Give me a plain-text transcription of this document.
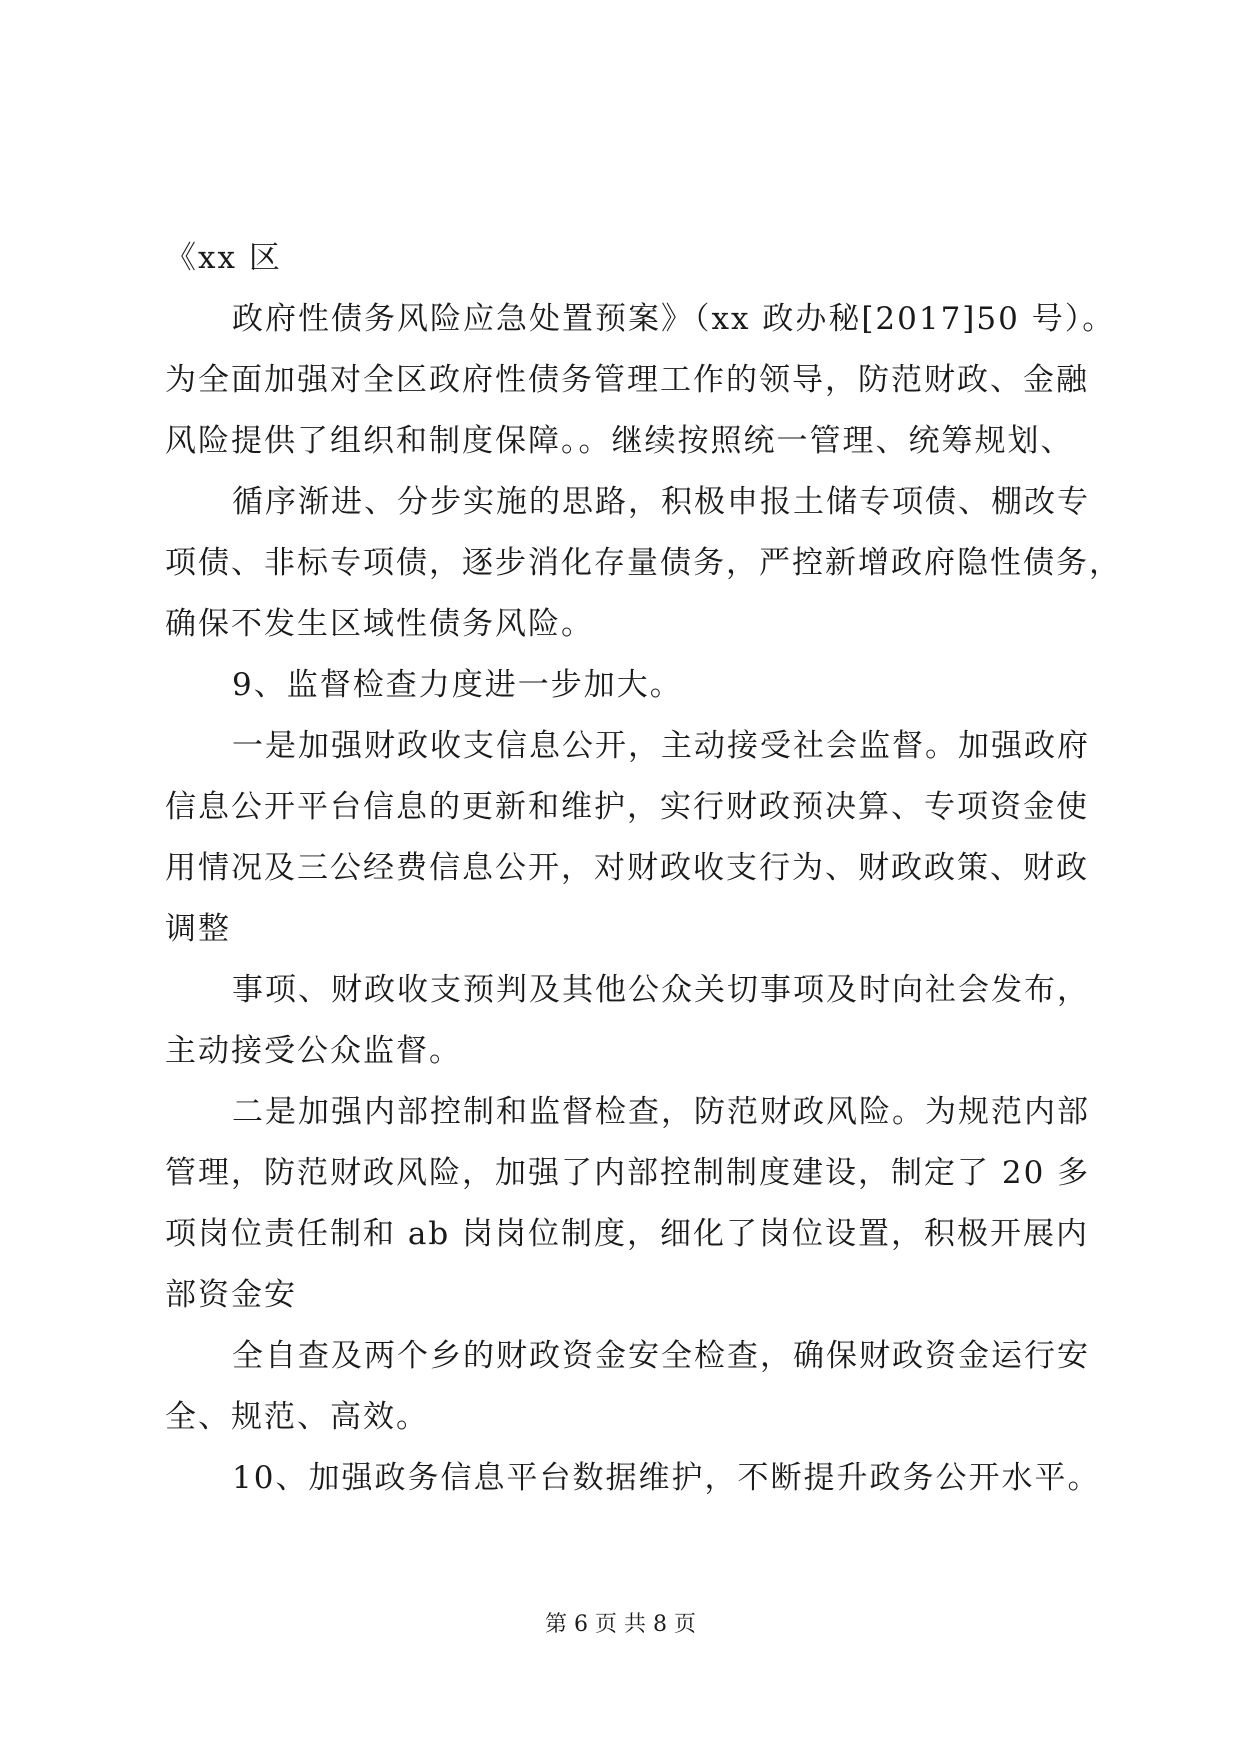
《xx 区

政府性债务风险应急处置预案》（xx 政办秘[2017]50 号）。
为全面加强对全区政府性债务管理工作的领导，防范财政、金融
风险提供了组织和制度保障。。继续按照统一管理、统筹规划、

循序渐进、分步实施的思路，积极申报土储专项债、棚改专
项债、非标专项债，逐步消化存量债务，严控新增政府隐性债务，
确保不发生区域性债务风险。

9、监督检查力度进一步加大。

一是加强财政收支信息公开，主动接受社会监督。加强政府
信息公开平台信息的更新和维护，实行财政预决算、专项资金使
用情况及三公经费信息公开，对财政收支行为、财政政策、财政
调整

事项、财政收支预判及其他公众关切事项及时向社会发布，
主动接受公众监督。

二是加强内部控制和监督检查，防范财政风险。为规范内部
管理，防范财政风险，加强了内部控制制度建设，制定了 20 多
项岗位责任制和 ab 岗岗位制度，细化了岗位设置，积极开展内
部资金安

全自查及两个乡的财政资金安全检查，确保财政资金运行安
全、规范、高效。

10、加强政务信息平台数据维护，不断提升政务公开水平。

第 6 页 共 8 页
